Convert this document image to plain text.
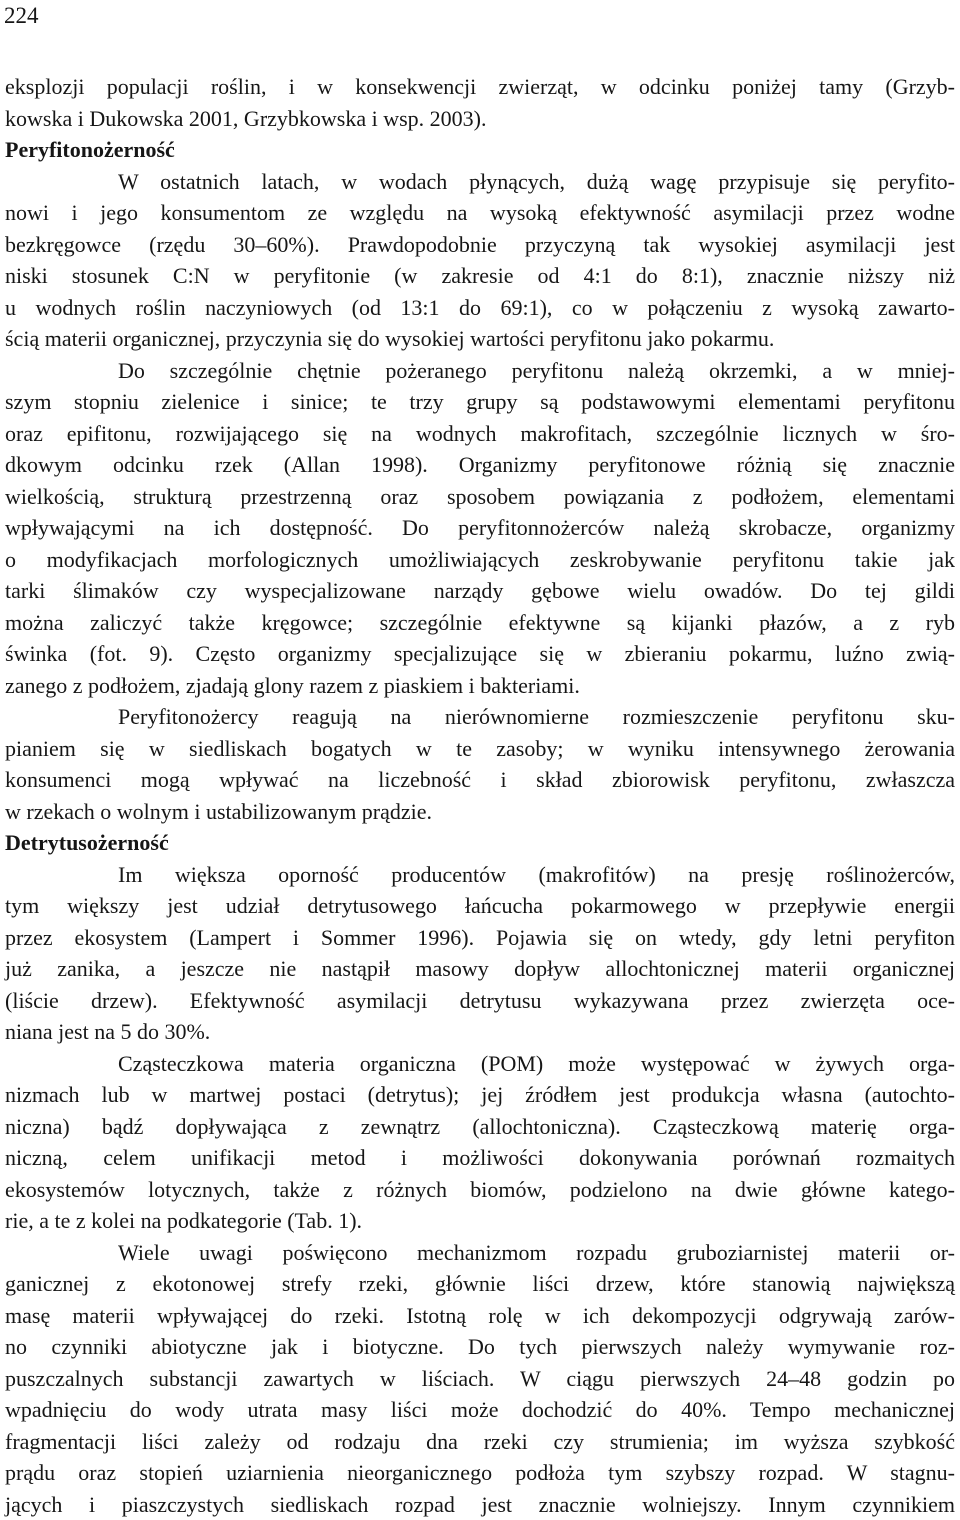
224
eksplozji populacji roślin, i w konsekwencji zwierząt, w odcinku poniżej tamy (Grzyb-
kowska i Dukowska 2001, Grzybkowska i wsp. 2003).
Peryfitonożerność
W ostatnich latach, w wodach płynących, dużą wagę przypisuje się peryfito-
nowi i jego konsumentom ze względu na wysoką efektywność asymilacji przez wodne
bezkręgowce (rzędu 30–60%). Prawdopodobnie przyczyną tak wysokiej asymilacji jest
niski stosunek C:N w peryfitonie (w zakresie od 4:1 do 8:1), znacznie niższy niż
u wodnych roślin naczyniowych (od 13:1 do 69:1), co w połączeniu z wysoką zawarto-
ścią materii organicznej, przyczynia się do wysokiej wartości peryfitonu jako pokarmu.
Do szczególnie chętnie pożeranego peryfitonu należą okrzemki, a w mniej-
szym stopniu zielenice i sinice; te trzy grupy są podstawowymi elementami peryfitonu
oraz epifitonu, rozwijającego się na wodnych makrofitach, szczególnie licznych w śro-
dkowym odcinku rzek (Allan 1998). Organizmy peryfitonowe różnią się znacznie
wielkością, strukturą przestrzenną oraz sposobem powiązania z podłożem, elementami
wpływającymi na ich dostępność. Do peryfitonnożerców należą skrobacze, organizmy
o modyfikacjach morfologicznych umożliwiających zeskrobywanie peryfitonu takie jak
tarki ślimaków czy wyspecjalizowane narządy gębowe wielu owadów. Do tej gildi
można zaliczyć także kręgowce; szczególnie efektywne są kijanki płazów, a z ryb
świnka (fot. 9). Często organizmy specjalizujące się w zbieraniu pokarmu, luźno zwią-
zanego z podłożem, zjadają glony razem z piaskiem i bakteriami.
Peryfitonożercy reagują na nierównomierne rozmieszczenie peryfitonu sku-
pianiem się w siedliskach bogatych w te zasoby; w wyniku intensywnego żerowania
konsumenci mogą wpływać na liczebność i skład zbiorowisk peryfitonu, zwłaszcza
w rzekach o wolnym i ustabilizowanym prądzie.
Detrytusożerność
Im większa oporność producentów (makrofitów) na presję roślinożerców,
tym większy jest udział detrytusowego łańcucha pokarmowego w przepływie energii
przez ekosystem (Lampert i Sommer 1996). Pojawia się on wtedy, gdy letni peryfiton
już zanika, a jeszcze nie nastąpił masowy dopływ allochtonicznej materii organicznej
(liście drzew). Efektywność asymilacji detrytusu wykazywana przez zwierzęta oce-
niana jest na 5 do 30%.
Cząsteczkowa materia organiczna (POM) może występować w żywych orga-
nizmach lub w martwej postaci (detrytus); jej źródłem jest produkcja własna (autochto-
niczna) bądź dopływająca z zewnątrz (allochtoniczna). Cząsteczkową materię orga-
niczną, celem unifikacji metod i możliwości dokonywania porównań rozmaitych
ekosystemów lotycznych, także z różnych biomów, podzielono na dwie główne katego-
rie, a te z kolei na podkategorie (Tab. 1).
Wiele uwagi poświęcono mechanizmom rozpadu gruboziarnistej materii or-
ganicznej z ekotonowej strefy rzeki, głównie liści drzew, które stanowią największą
masę materii wpływającej do rzeki. Istotną rolę w ich dekompozycji odgrywają zarów-
no czynniki abiotyczne jak i biotyczne. Do tych pierwszych należy wymywanie roz-
puszczalnych substancji zawartych w liściach. W ciągu pierwszych 24–48 godzin po
wpadnięciu do wody utrata masy liści może dochodzić do 40%. Tempo mechanicznej
fragmentacji liści zależy od rodzaju dna rzeki czy strumienia; im wyższa szybkość
prądu oraz stopień uziarnienia nieorganicznego podłoża tym szybszy rozpad. W stagnu-
jących i piaszczystych siedliskach rozpad jest znacznie wolniejszy. Innym czynnikiem
